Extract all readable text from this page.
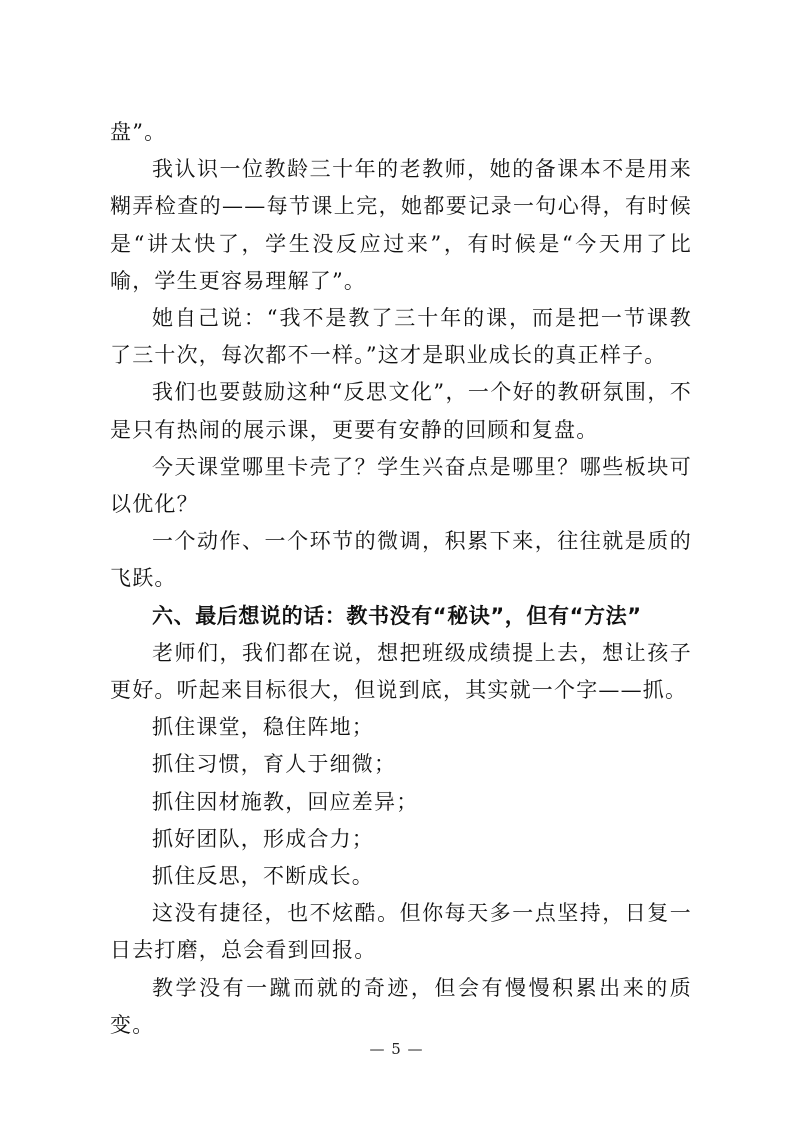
盘”。

我认识一位教龄三十年的老教师，她的备课本不是用来糊弄检查的——每节课上完，她都要记录一句心得，有时候是“讲太快了，学生没反应过来”，有时候是“今天用了比喻，学生更容易理解了”。

她自己说：“我不是教了三十年的课，而是把一节课教了三十次，每次都不一样。”这才是职业成长的真正样子。

我们也要鼓励这种“反思文化”，一个好的教研氛围，不是只有热闹的展示课，更要有安静的回顾和复盘。

今天课堂哪里卡壳了？学生兴奋点是哪里？哪些板块可以优化？

一个动作、一个环节的微调，积累下来，往往就是质的飞跃。

六、最后想说的话：教书没有“秘诀”，但有“方法”

老师们，我们都在说，想把班级成绩提上去，想让孩子更好。听起来目标很大，但说到底，其实就一个字——抓。

抓住课堂，稳住阵地；

抓住习惯，育人于细微；

抓住因材施教，回应差异；

抓好团队，形成合力；

抓住反思，不断成长。

这没有捷径，也不炫酷。但你每天多一点坚持，日复一日去打磨，总会看到回报。

教学没有一蹴而就的奇迹，但会有慢慢积累出来的质变。

— 5 —
